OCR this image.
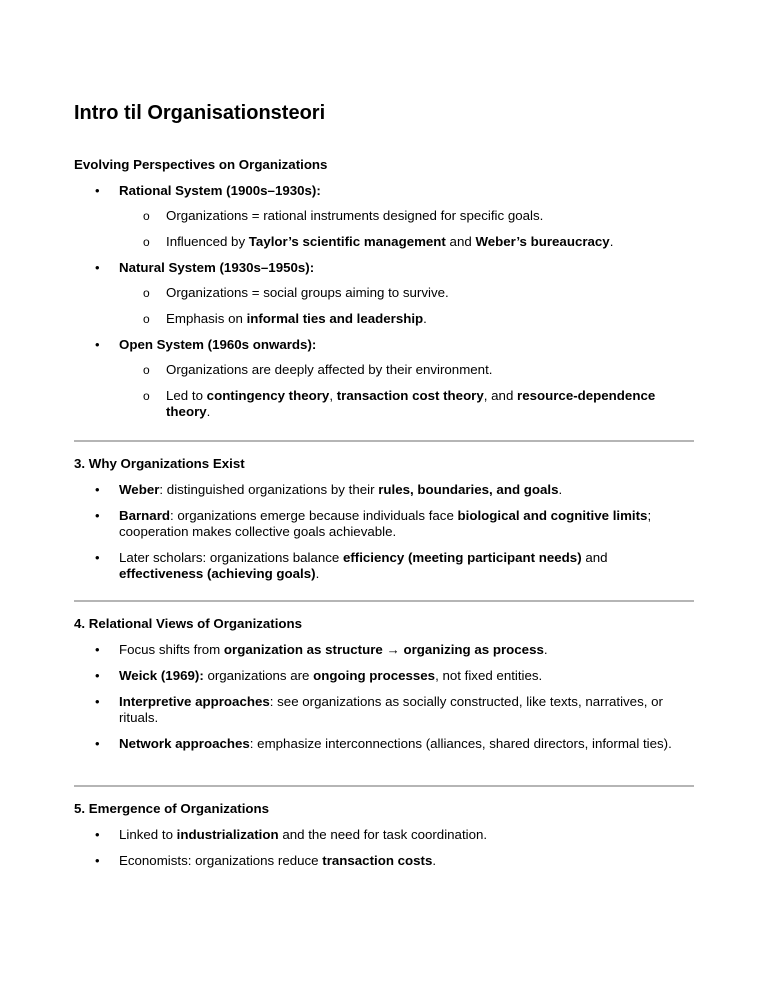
Intro til Organisationsteori
Evolving Perspectives on Organizations
• Rational System (1900s–1930s):
o Organizations = rational instruments designed for specific goals.
o Influenced by Taylor’s scientific management and Weber’s bureaucracy.
• Natural System (1930s–1950s):
o Organizations = social groups aiming to survive.
o Emphasis on informal ties and leadership.
• Open System (1960s onwards):
o Organizations are deeply affected by their environment.
o Led to contingency theory, transaction cost theory, and resource-dependence theory.
3. Why Organizations Exist
• Weber: distinguished organizations by their rules, boundaries, and goals.
• Barnard: organizations emerge because individuals face biological and cognitive limits; cooperation makes collective goals achievable.
• Later scholars: organizations balance efficiency (meeting participant needs) and effectiveness (achieving goals).
4. Relational Views of Organizations
• Focus shifts from organization as structure → organizing as process.
• Weick (1969): organizations are ongoing processes, not fixed entities.
• Interpretive approaches: see organizations as socially constructed, like texts, narratives, or rituals.
• Network approaches: emphasize interconnections (alliances, shared directors, informal ties).
5. Emergence of Organizations
• Linked to industrialization and the need for task coordination.
• Economists: organizations reduce transaction costs.
